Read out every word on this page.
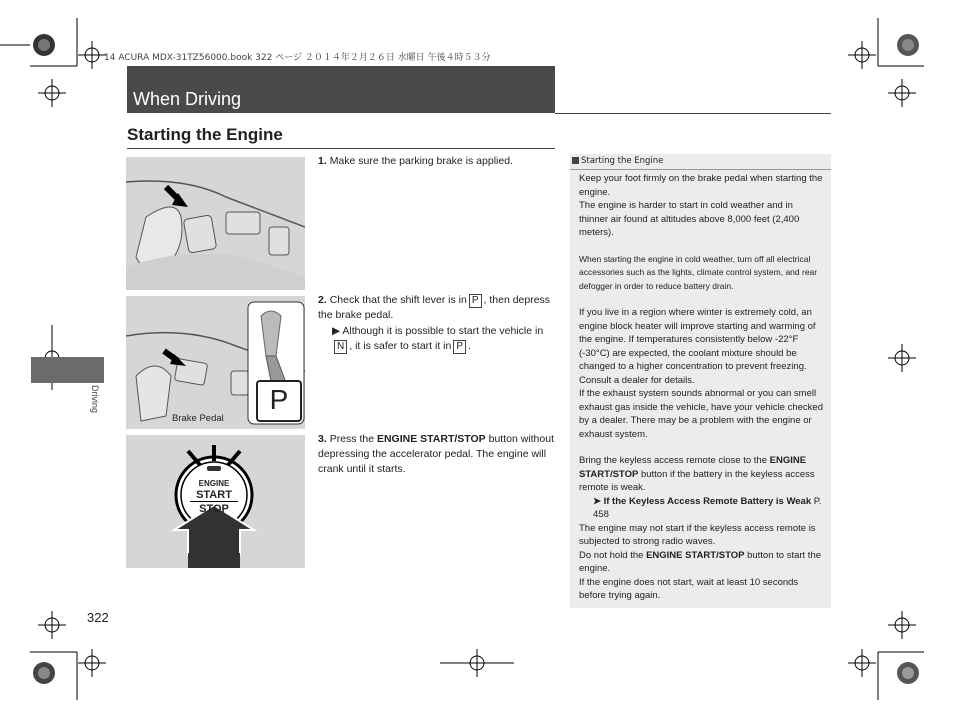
14 ACURA MDX-31TZ56000.book 322 ページ ２０１４年２月２６日 水曜日 午後４時５３分
When Driving
Starting the Engine
Driving	P
Brake Pedal
ENGINE
START
STOP
1. Make sure the parking brake is applied.
2. Check that the shift lever is in P , then depress the brake pedal.
▶ Although it is possible to start the vehicle inN , it is safer to start it in P .
3. Press the ENGINE START/STOP button without depressing the accelerator pedal. The engine will crank until it starts.
Starting the Engine

Keep your foot firmly on the brake pedal when starting the engine.

The engine is harder to start in cold weather and in thinner air found at altitudes above 8,000 feet (2,400 meters).

When starting the engine in cold weather, turn off all electrical accessories such as the lights, climate control system, and rear defogger in order to reduce battery drain.

If you live in a region where winter is extremely cold, an engine block heater will improve starting and warming of the engine. If temperatures consistently below -22°F (-30°C) are expected, the coolant mixture should be changed to a higher concentration to prevent freezing. Consult a dealer for details.

If the exhaust system sounds abnormal or you can smell exhaust gas inside the vehicle, have your vehicle checked by a dealer. There may be a problem with the engine or exhaust system.

Bring the keyless access remote close to the ENGINE START/STOP button if the battery in the keyless access remote is weak.

➤ If the Keyless Access Remote Battery is Weak P. 458

The engine may not start if the keyless access remote is subjected to strong radio waves.

Do not hold the ENGINE START/STOP button to start the engine.

If the engine does not start, wait at least 10 seconds before trying again.

322
